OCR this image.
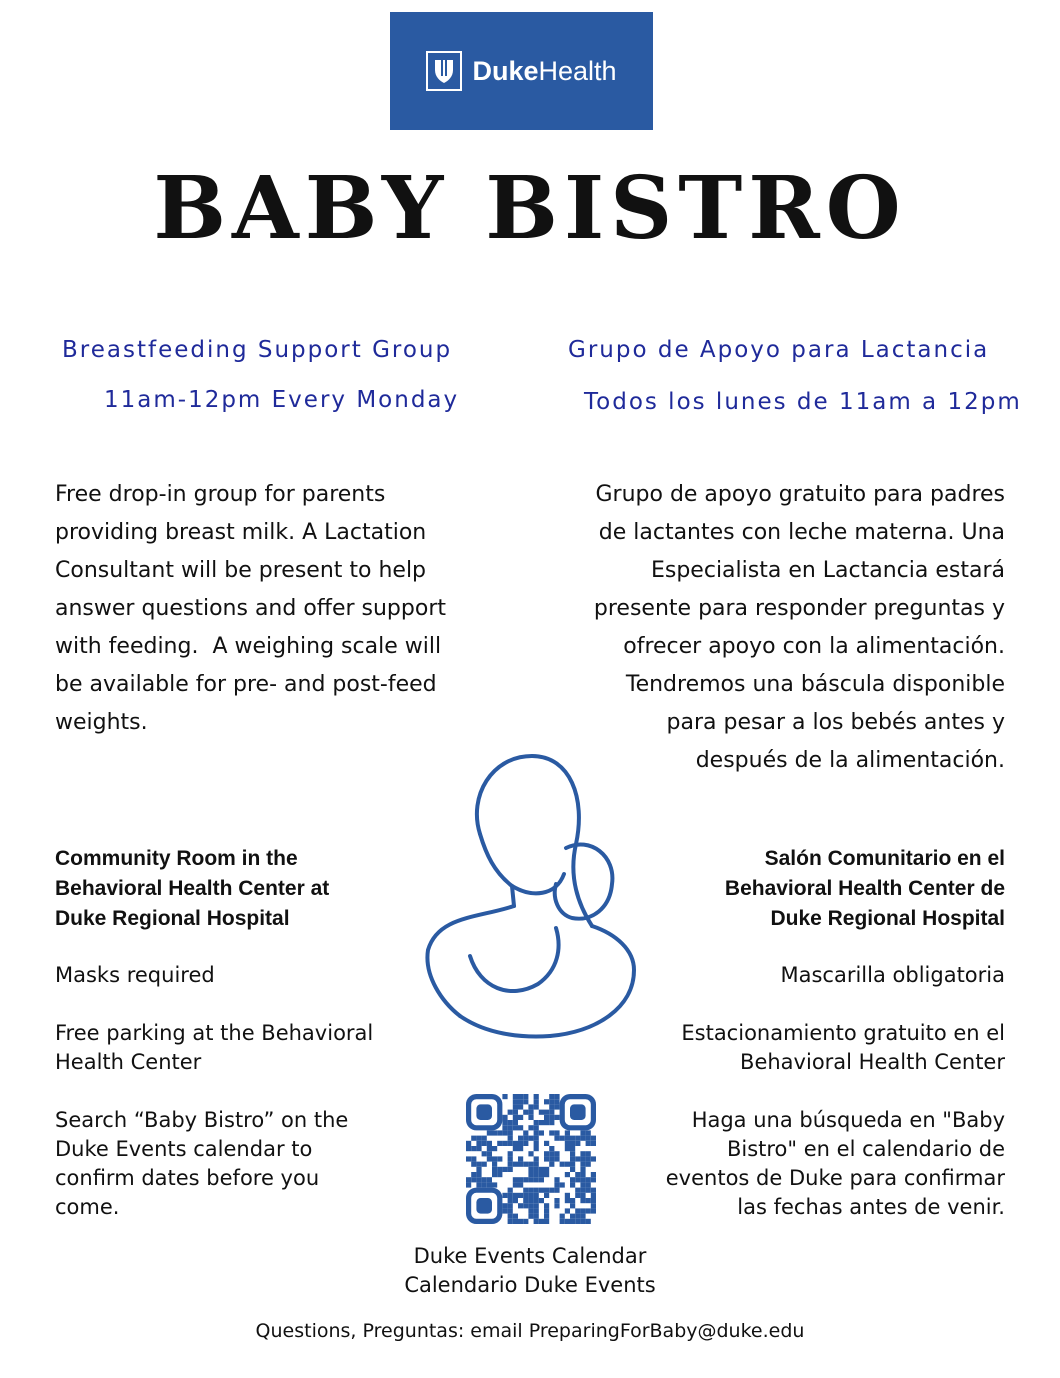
DukeHealth
BABY BISTRO
Breastfeeding Support Group
11am-12pm Every Monday
Grupo de Apoyo para Lactancia
Todos los lunes de 11am a 12pm
Free drop-in group for parents
providing breast milk. A Lactation
Consultant will be present to help
answer questions and offer support
with feeding.  A weighing scale will
be available for pre- and post-feed
weights.
Grupo de apoyo gratuito para padres
de lactantes con leche materna. Una
Especialista en Lactancia estará
presente para responder preguntas y
ofrecer apoyo con la alimentación.
Tendremos una báscula disponible
para pesar a los bebés antes y
después de la alimentación.
Community Room in the
Behavioral Health Center at
Duke Regional Hospital
Salón Comunitario en el
Behavioral Health Center de
Duke Regional Hospital
Masks required	Mascarilla obligatoria
Free parking at the Behavioral
Health Center
Estacionamiento gratuito en el
Behavioral Health Center
Search “Baby Bistro” on the
Duke Events calendar to
confirm dates before you
come.
Haga una búsqueda en "Baby
Bistro" en el calendario de
eventos de Duke para confirmar
las fechas antes de venir.
Duke Events Calendar
Calendario Duke Events
Questions, Preguntas: email PreparingForBaby@duke.edu
